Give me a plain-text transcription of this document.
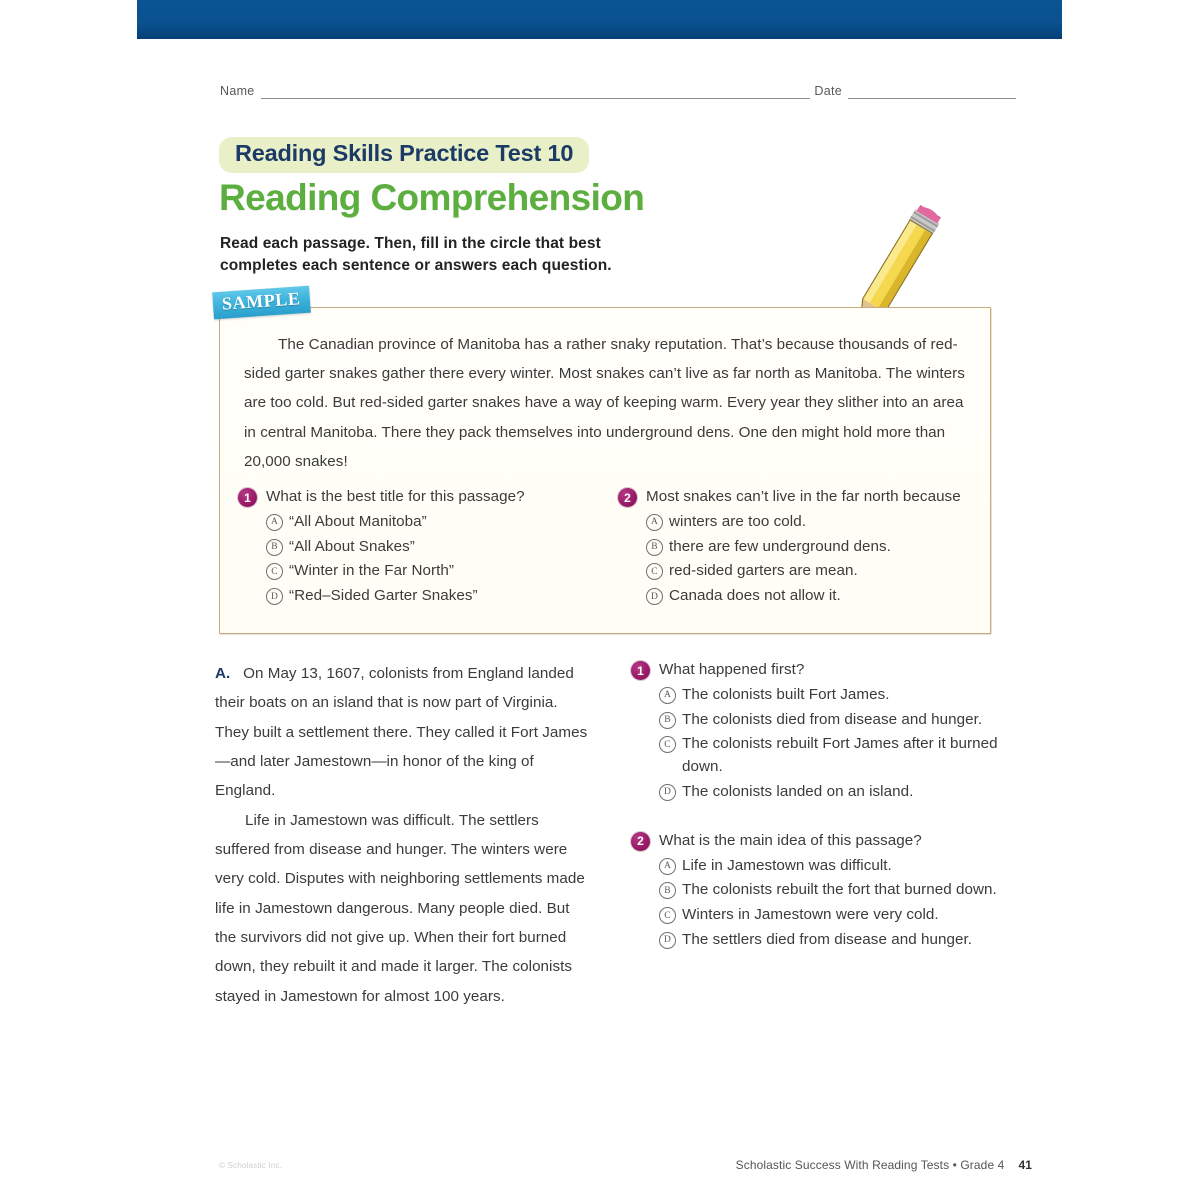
Name	Date
Reading Skills Practice Test 10
Reading Comprehension
Read each passage. Then, fill in the circle that best completes each sentence or answers each question.
SAMPLE
The Canadian province of Manitoba has a rather snaky reputation. That’s because thousands of red-sided garter snakes gather there every winter. Most snakes can’t live as far north as Manitoba. The winters are too cold. But red-sided garter snakes have a way of keeping warm. Every year they slither into an area in central Manitoba. There they pack themselves into underground dens. One den might hold more than 20,000 snakes!
1 What is the best title for this passage?
A “All About Manitoba”
B “All About Snakes”
C “Winter in the Far North”
D “Red–Sided Garter Snakes”
2 Most snakes can’t live in the far north because
A winters are too cold.
B there are few underground dens.
C red-sided garters are mean.
D Canada does not allow it.

A. On May 13, 1607, colonists from England landed their boats on an island that is now part of Virginia. They built a settlement there. They called it Fort James—and later Jamestown—in honor of the king of England.

Life in Jamestown was difficult. The settlers suffered from disease and hunger. The winters were very cold. Disputes with neighboring settlements made life in Jamestown dangerous. Many people died. But the survivors did not give up. When their fort burned down, they rebuilt it and made it larger. The colonists stayed in Jamestown for almost 100 years.

1 What happened first?
A The colonists built Fort James.
B The colonists died from disease and hunger.
C The colonists rebuilt Fort James after it burned down.
D The colonists landed on an island.
2 What is the main idea of this passage?
A Life in Jamestown was difficult.
B The colonists rebuilt the fort that burned down.
C Winters in Jamestown were very cold.
D The settlers died from disease and hunger.
© Scholastic Inc.	Scholastic Success With Reading Tests • Grade 4 41
